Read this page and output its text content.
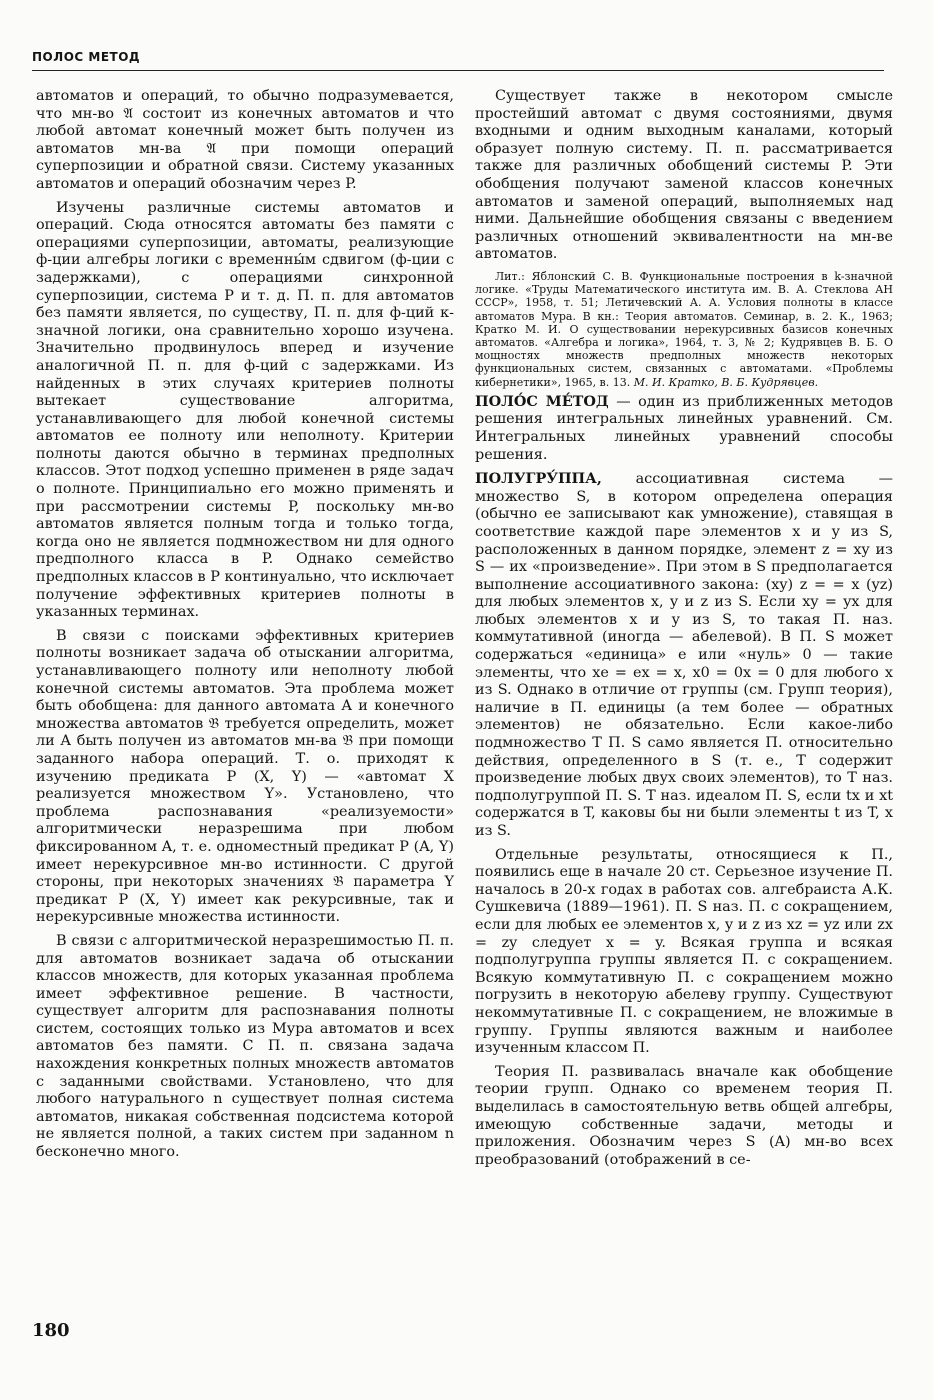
ПОЛОС МЕТОД

автоматов и операций, то обычно подразумевается, что мн-во 𝔄 состоит из конечных автоматов и что любой автомат конечный может быть получен из автоматов мн-ва 𝔄 при помощи операций суперпозиции и обратной связи. Систему указанных автоматов и операций обозначим через P.

Изучены различные системы автоматов и операций. Сюда относятся автоматы без памяти с операциями суперпозиции, автоматы, реализующие ф-ции алгебры логики с временны́м сдвигом (ф-ции с задержками), с операциями синхронной суперпозиции, система P и т. д. П. п. для автоматов без памяти является, по существу, П. п. для ф-ций к-значной логики, она сравнительно хорошо изучена. Значительно продвинулось вперед и изучение аналогичной П. п. для ф-ций с задержками. Из найденных в этих случаях критериев полноты вытекает существование алгоритма, устанавливающего для любой конечной системы автоматов ее полноту или неполноту. Критерии полноты даются обычно в терминах предполных классов. Этот подход успешно применен в ряде задач о полноте. Принципиально его можно применять и при рассмотрении системы P, поскольку мн-во автоматов является полным тогда и только тогда, когда оно не является подмножеством ни для одного предполного класса в P. Однако семейство предполных классов в P континуально, что исключает получение эффективных критериев полноты в указанных терминах.

В связи с поисками эффективных критериев полноты возникает задача об отыскании алгоритма, устанавливающего полноту или неполноту любой конечной системы автоматов. Эта проблема может быть обобщена: для данного автомата A и конечного множества автоматов 𝔅 требуется определить, может ли A быть получен из автоматов мн-ва 𝔅 при помощи заданного набора операций. Т. о. приходят к изучению предиката P (X, Y) — «автомат X реализуется множеством Y». Установлено, что проблема распознавания «реализуемости» алгоритмически неразрешима при любом фиксированном A, т. е. одноместный предикат P (A, Y) имеет нерекурсивное мн-во истинности. С другой стороны, при некоторых значениях 𝔅 параметра Y предикат P (X, Y) имеет как рекурсивные, так и нерекурсивные множества истинности.

В связи с алгоритмической неразрешимостью П. п. для автоматов возникает задача об отыскании классов множеств, для которых указанная проблема имеет эффективное решение. В частности, существует алгоритм для распознавания полноты систем, состоящих только из Мура автоматов и всех автоматов без памяти. С П. п. связана задача нахождения конкретных полных множеств автоматов с заданными свойствами. Установлено, что для любого натурального n существует полная система автоматов, никакая собственная подсистема которой не является полной, а таких систем при заданном n бесконечно много.

Существует также в некотором смысле простейший автомат с двумя состояниями, двумя входными и одним выходным каналами, который образует полную систему. П. п. рассматривается также для различных обобщений системы P. Эти обобщения получают заменой классов конечных автоматов и заменой операций, выполняемых над ними. Дальнейшие обобщения связаны с введением различных отношений эквивалентности на мн-ве автоматов.

Лит.: Яблонский С. В. Функциональные построения в k-значной логике. «Труды Математического института им. В. А. Стеклова АН СССР», 1958, т. 51; Летичевский А. А. Условия полноты в классе автоматов Мура. В кн.: Теория автоматов. Семинар, в. 2. К., 1963; Кратко М. И. О существовании нерекурсивных базисов конечных автоматов. «Алгебра и логика», 1964, т. 3, № 2; Кудрявцев В. Б. О мощностях множеств предполных множеств некоторых функциональных систем, связанных с автоматами. «Проблемы кибернетики», 1965, в. 13. М. И. Кратко, В. Б. Кудрявцев.

ПОЛО́С МЕ́ТОД — один из приближенных методов решения интегральных линейных уравнений. См. Интегральных линейных уравнений способы решения.

ПОЛУГРУ́ППА, ассоциативная система — множество S, в котором определена операция (обычно ее записывают как умножение), ставящая в соответствие каждой паре элементов x и y из S, расположенных в данном порядке, элемент z = xy из S — их «произведение». При этом в S предполагается выполнение ассоциативного закона: (xy) z = = x (yz) для любых элементов x, y и z из S. Если xy = yx для любых элементов x и y из S, то такая П. наз. коммутативной (иногда — абелевой). В П. S может содержаться «единица» e или «нуль» 0 — такие элементы, что xe = ex = x, x0 = 0x = 0 для любого x из S. Однако в отличие от группы (см. Групп теория), наличие в П. единицы (а тем более — обратных элементов) не обязательно. Если какое-либо подмножество T П. S само является П. относительно действия, определенного в S (т. е., T содержит произведение любых двух своих элементов), то T наз. подполугруппой П. S. T наз. идеалом П. S, если tx и xt содержатся в T, каковы бы ни были элементы t из T, x из S.

Отдельные результаты, относящиеся к П., появились еще в начале 20 ст. Серьезное изучение П. началось в 20-х годах в работах сов. алгебраиста А.К. Сушкевича (1889—1961). П. S наз. П. с сокращением, если для любых ее элементов x, y и z из xz = yz или zx = zy следует x = y. Всякая группа и всякая подполугруппа группы является П. с сокращением. Всякую коммутативную П. с сокращением можно погрузить в некоторую абелеву группу. Существуют некоммутативные П. с сокращением, не вложимые в группу. Группы являются важным и наиболее изученным классом П.

Теория П. развивалась вначале как обобщение теории групп. Однако со временем теория П. выделилась в самостоятельную ветвь общей алгебры, имеющую собственные задачи, методы и приложения. Обозначим через S (A) мн-во всех преобразований (отображений в се-

180
